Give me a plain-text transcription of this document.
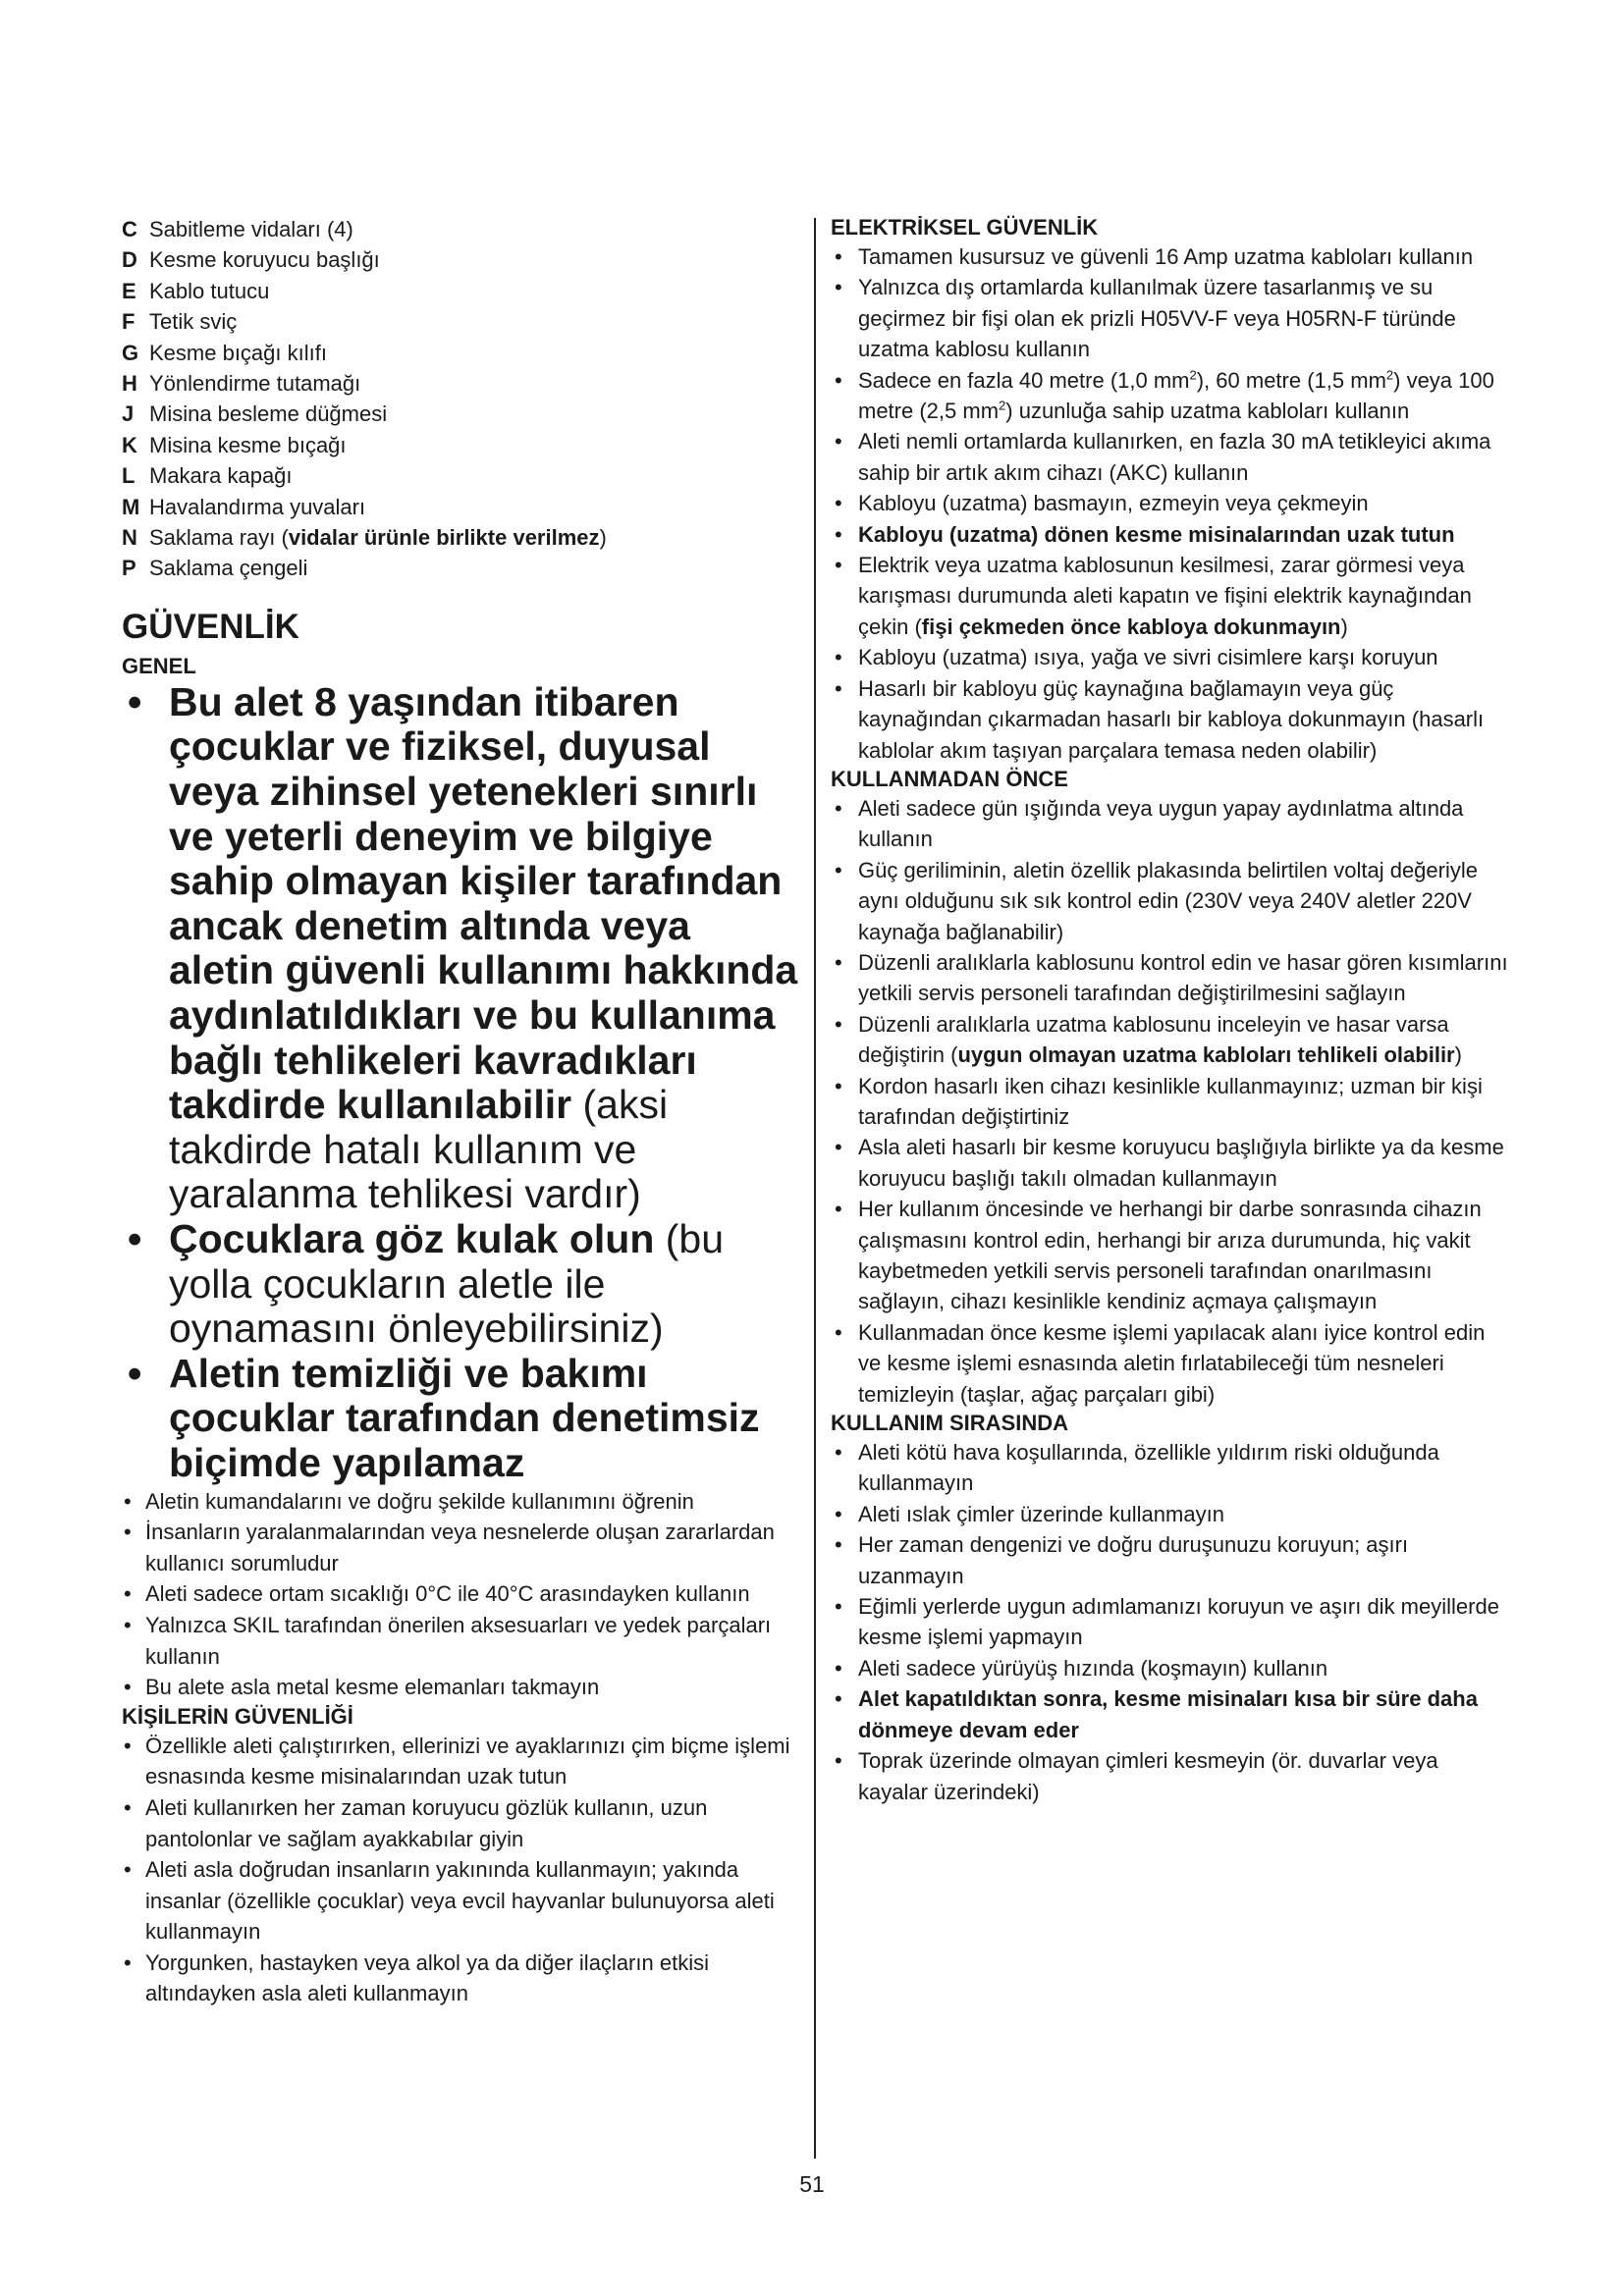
C Sabitleme vidaları (4)
D Kesme koruyucu başlığı
E Kablo tutucu
F Tetik sviç
G Kesme bıçağı kılıfı
H Yönlendirme tutamağı
J Misina besleme düğmesi
K Misina kesme bıçağı
L Makara kapağı
M Havalandırma yuvaları
N Saklama rayı (vidalar ürünle birlikte verilmez)
P Saklama çengeli
GÜVENLİK
GENEL
• Bu alet 8 yaşından itibaren çocuklar ve fiziksel, duyusal veya zihinsel yetenekleri sınırlı ve yeterli deneyim ve bilgiye sahip olmayan kişiler tarafından ancak denetim altında veya aletin güvenli kullanımı hakkında aydınlatıldıkları ve bu kullanıma bağlı tehlikeleri kavradıkları takdirde kullanılabilir (aksi takdirde hatalı kullanım ve yaralanma tehlikesi vardır)
• Çocuklara göz kulak olun (bu yolla çocukların aletle ile oynamasını önleyebilirsiniz)
• Aletin temizliği ve bakımı çocuklar tarafından denetimsiz biçimde yapılamaz
• Aletin kumandalarını ve doğru şekilde kullanımını öğrenin
• İnsanların yaralanmalarından veya nesnelerde oluşan zararlardan kullanıcı sorumludur
• Aleti sadece ortam sıcaklığı 0°C ile 40°C arasındayken kullanın
• Yalnızca SKIL tarafından önerilen aksesuarları ve yedek parçaları kullanın
• Bu alete asla metal kesme elemanları takmayın
KİŞİLERİN GÜVENLİĞİ
• Özellikle aleti çalıştırırken, ellerinizi ve ayaklarınızı çim biçme işlemi esnasında kesme misinalarından uzak tutun
• Aleti kullanırken her zaman koruyucu gözlük kullanın, uzun pantolonlar ve sağlam ayakkabılar giyin
• Aleti asla doğrudan insanların yakınında kullanmayın; yakında insanlar (özellikle çocuklar) veya evcil hayvanlar bulunuyorsa aleti kullanmayın
• Yorgunken, hastayken veya alkol ya da diğer ilaçların etkisi altındayken asla aleti kullanmayın
ELEKTRİKSEL GÜVENLİK
• Tamamen kusursuz ve güvenli 16 Amp uzatma kabloları kullanın
• Yalnızca dış ortamlarda kullanılmak üzere tasarlanmış ve su geçirmez bir fişi olan ek prizli H05VV-F veya H05RN-F türünde uzatma kablosu kullanın
• Sadece en fazla 40 metre (1,0 $mm^2$), 60 metre (1,5 $mm^2$) veya 100 metre (2,5 $mm^2$) uzunluğa sahip uzatma kabloları kullanın
• Aleti nemli ortamlarda kullanırken, en fazla 30 mA tetikleyici akıma sahip bir artık akım cihazı (AKC) kullanın
• Kabloyu (uzatma) basmayın, ezmeyin veya çekmeyin
• Kabloyu (uzatma) dönen kesme misinalarından uzak tutun
• Elektrik veya uzatma kablosunun kesilmesi, zarar görmesi veya karışması durumunda aleti kapatın ve fişini elektrik kaynağından çekin (fişi çekmeden önce kabloya dokunmayın)
• Kabloyu (uzatma) ısıya, yağa ve sivri cisimlere karşı koruyun
• Hasarlı bir kabloyu güç kaynağına bağlamayın veya güç kaynağından çıkarmadan hasarlı bir kabloya dokunmayın (hasarlı kablolar akım taşıyan parçalara temasa neden olabilir)
KULLANMADAN ÖNCE
• Aleti sadece gün ışığında veya uygun yapay aydınlatma altında kullanın
• Güç geriliminin, aletin özellik plakasında belirtilen voltaj değeriyle aynı olduğunu sık sık kontrol edin (230V veya 240V aletler 220V kaynağa bağlanabilir)
• Düzenli aralıklarla kablosunu kontrol edin ve hasar gören kısımlarını yetkili servis personeli tarafından değiştirilmesini sağlayın
• Düzenli aralıklarla uzatma kablosunu inceleyin ve hasar varsa değiştirin (uygun olmayan uzatma kabloları tehlikeli olabilir)
• Kordon hasarlı iken cihazı kesinlikle kullanmayınız; uzman bir kişi tarafından değiştirtiniz
• Asla aleti hasarlı bir kesme koruyucu başlığıyla birlikte ya da kesme koruyucu başlığı takılı olmadan kullanmayın
• Her kullanım öncesinde ve herhangi bir darbe sonrasında cihazın çalışmasını kontrol edin, herhangi bir arıza durumunda, hiç vakit kaybetmeden yetkili servis personeli tarafından onarılmasını sağlayın, cihazı kesinlikle kendiniz açmaya çalışmayın
• Kullanmadan önce kesme işlemi yapılacak alanı iyice kontrol edin ve kesme işlemi esnasında aletin fırlatabileceği tüm nesneleri temizleyin (taşlar, ağaç parçaları gibi)
KULLANIM SIRASINDA
• Aleti kötü hava koşullarında, özellikle yıldırım riski olduğunda kullanmayın
• Aleti ıslak çimler üzerinde kullanmayın
• Her zaman dengenizi ve doğru duruşunuzu koruyun; aşırı uzanmayın
• Eğimli yerlerde uygun adımlamanızı koruyun ve aşırı dik meyillerde kesme işlemi yapmayın
• Aleti sadece yürüyüş hızında (koşmayın) kullanın
• Alet kapatıldıktan sonra, kesme misinaları kısa bir süre daha dönmeye devam eder
• Toprak üzerinde olmayan çimleri kesmeyin (ör. duvarlar veya kayalar üzerindeki)
51
